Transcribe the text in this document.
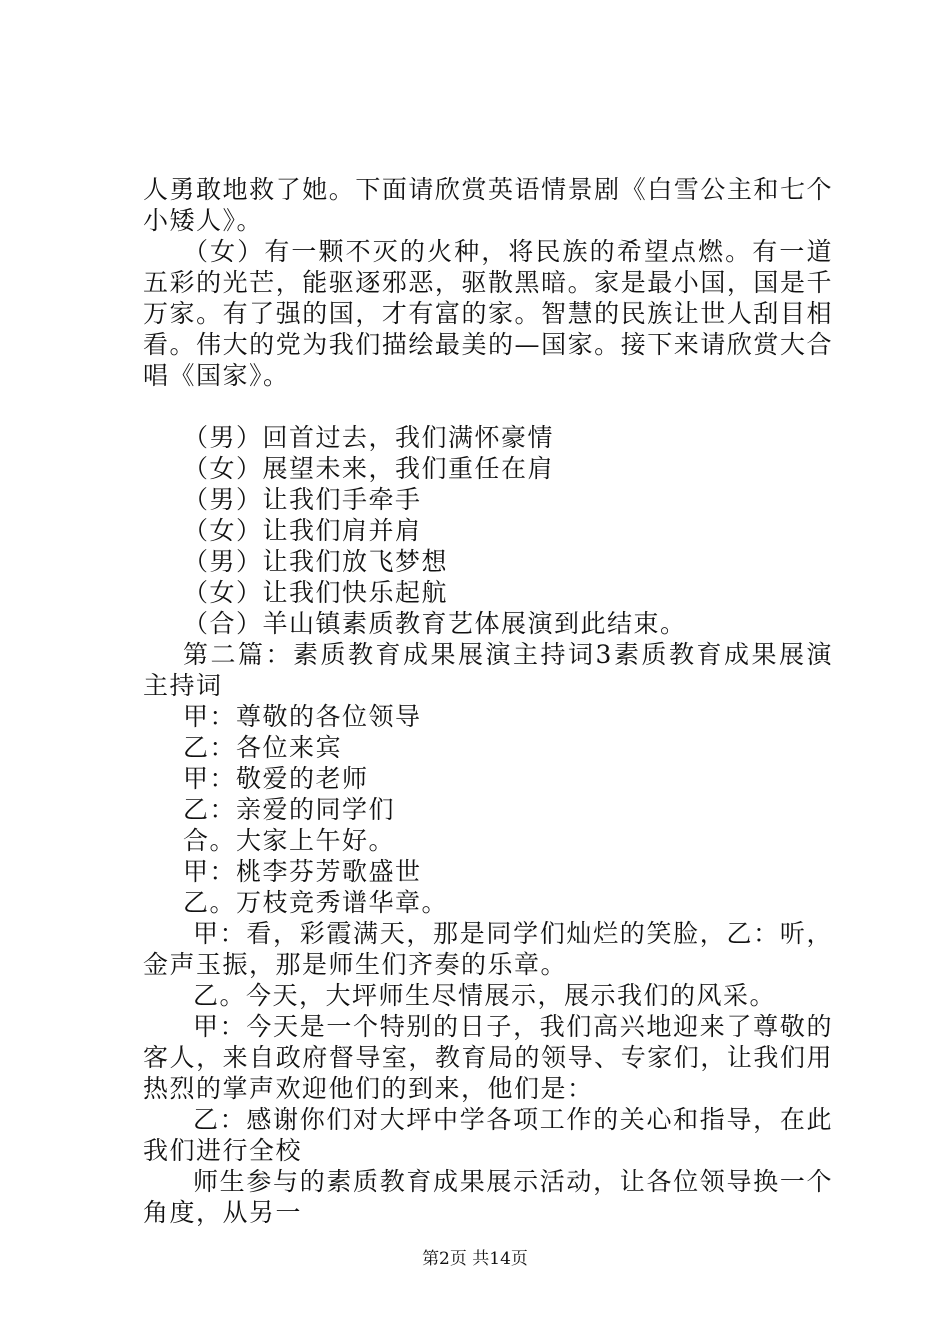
人勇敢地救了她。下面请欣赏英语情景剧《白雪公主和七个小矮人》。

（女）有一颗不灭的火种，将民族的希望点燃。有一道五彩的光芒，能驱逐邪恶，驱散黑暗。家是最小国，国是千万家。有了强的国，才有富的家。智慧的民族让世人刮目相看。伟大的党为我们描绘最美的—国家。接下来请欣赏大合唱《国家》。

（男）回首过去，我们满怀豪情

（女）展望未来，我们重任在肩

（男）让我们手牵手

（女）让我们肩并肩

（男）让我们放飞梦想

（女）让我们快乐起航

（合）羊山镇素质教育艺体展演到此结束。

第二篇：素质教育成果展演主持词3素质教育成果展演主持词

甲：尊敬的各位领导

乙：各位来宾

甲：敬爱的老师

乙：亲爱的同学们

合。大家上午好。

甲：桃李芬芳歌盛世

乙。万枝竞秀谱华章。

甲：看，彩霞满天，那是同学们灿烂的笑脸，乙：听，金声玉振，那是师生们齐奏的乐章。

乙。今天，大坪师生尽情展示，展示我们的风采。

甲：今天是一个特别的日子，我们高兴地迎来了尊敬的客人，来自政府督导室，教育局的领导、专家们，让我们用热烈的掌声欢迎他们的到来，他们是：

乙：感谢你们对大坪中学各项工作的关心和指导，在此我们进行全校

师生参与的素质教育成果展示活动，让各位领导换一个角度，从另一

第2页 共14页
